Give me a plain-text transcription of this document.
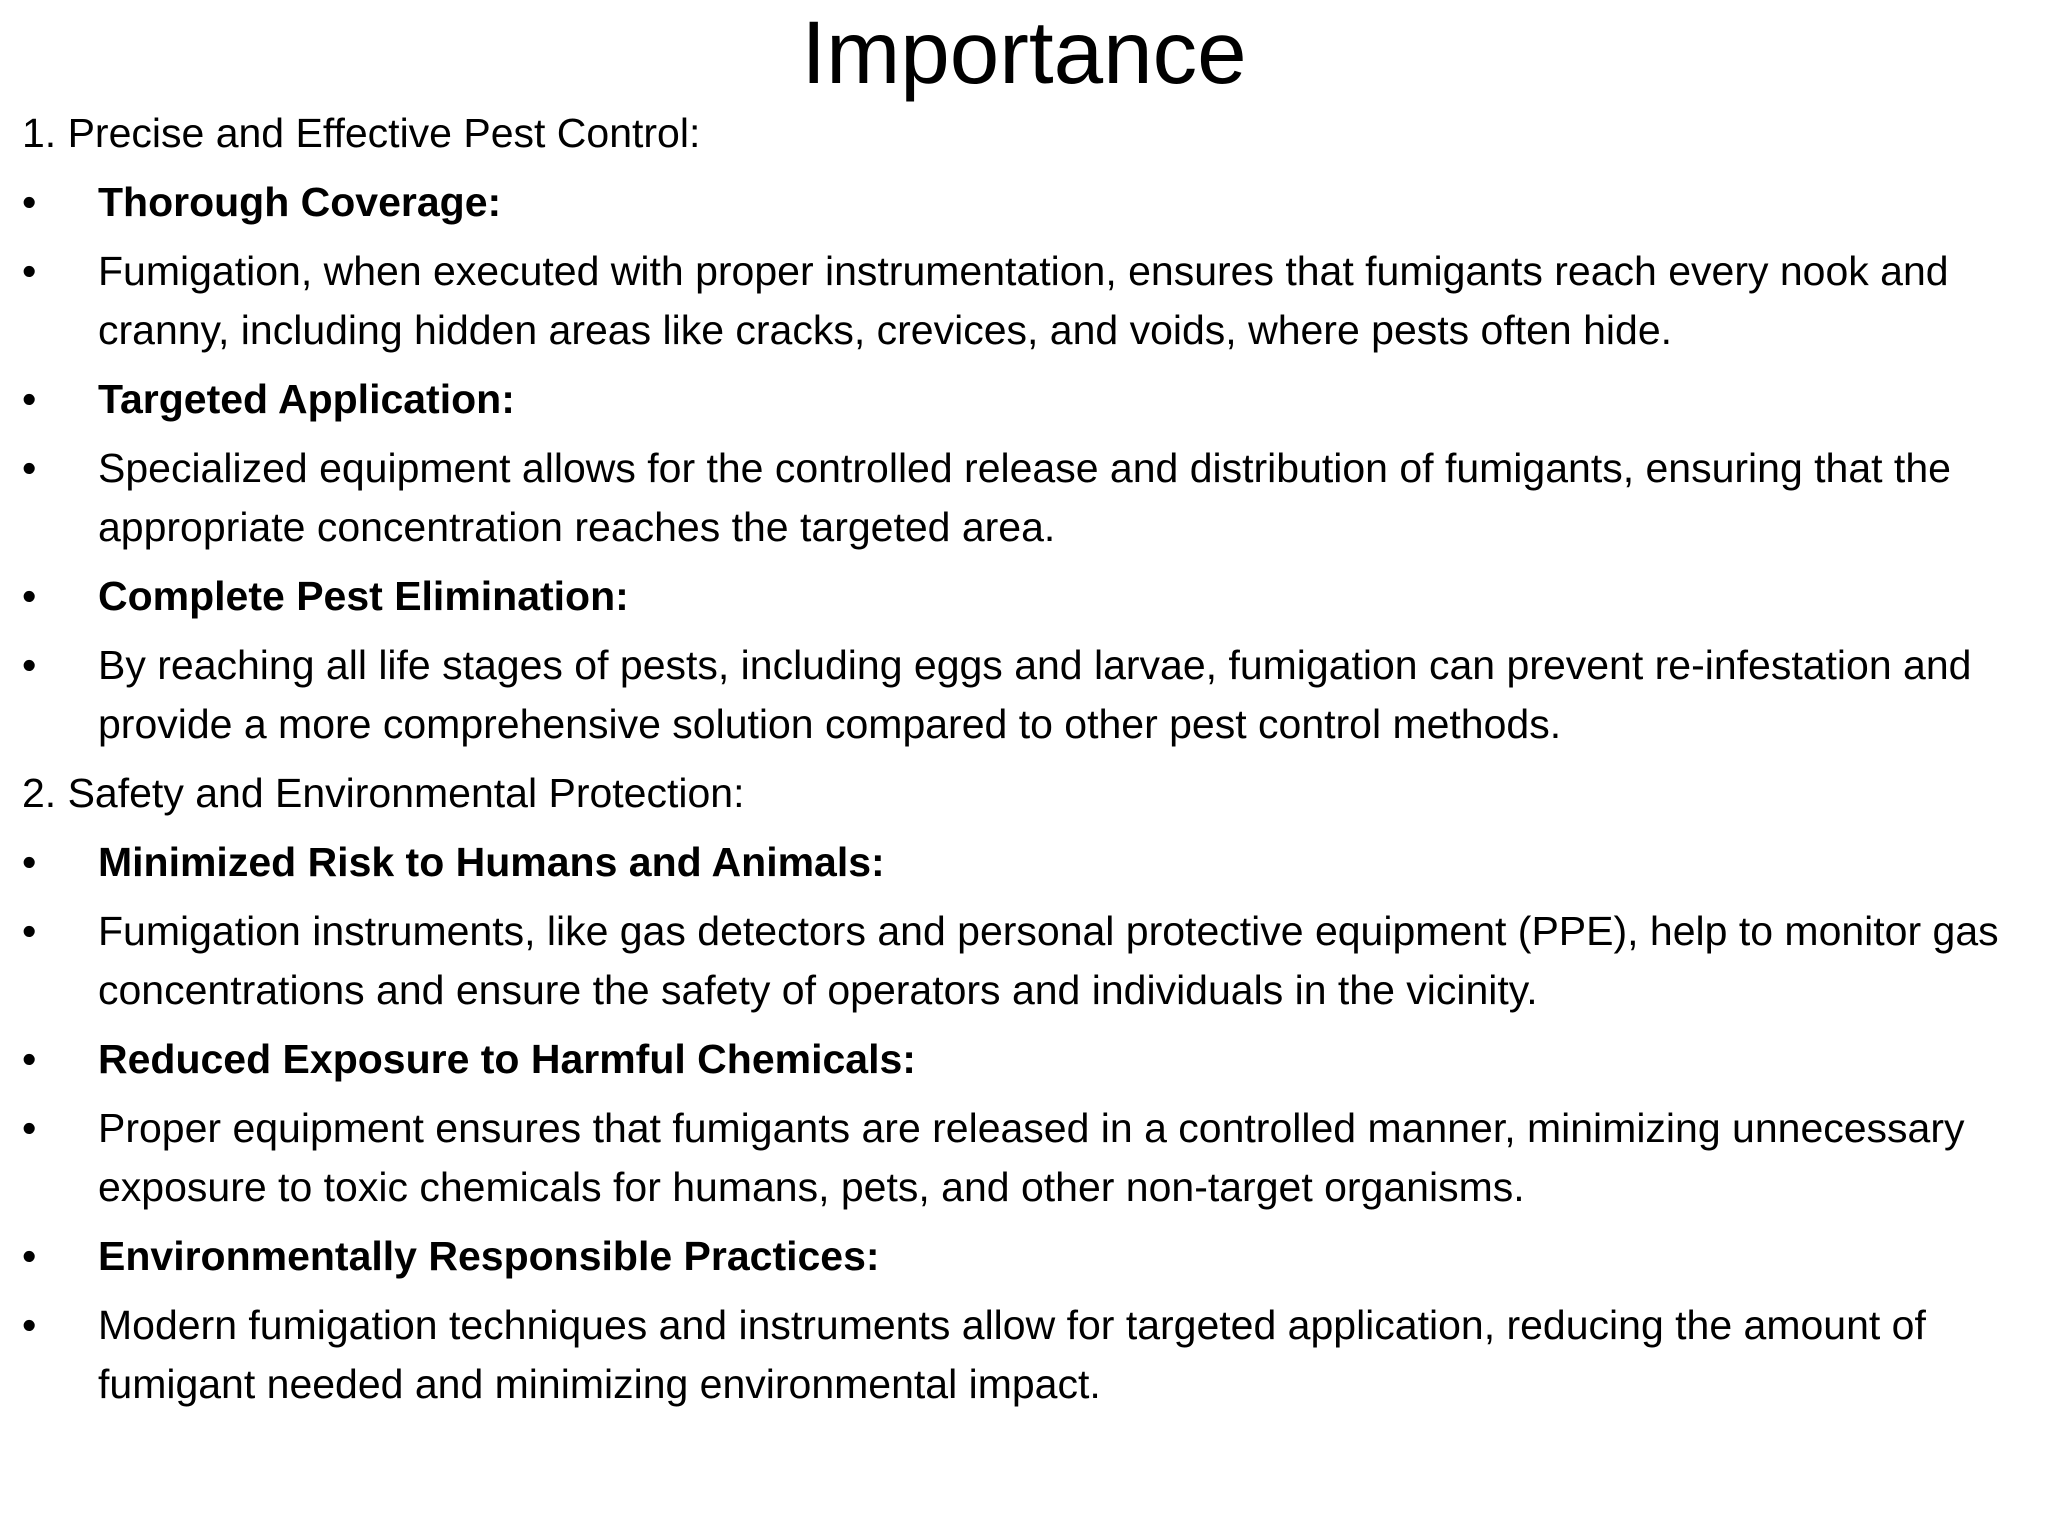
Importance
1. Precise and Effective Pest Control:
•	Thorough Coverage:
•	Fumigation, when executed with proper instrumentation, ensures that fumigants reach every nook and cranny, including hidden areas like cracks, crevices, and voids, where pests often hide.
•	Targeted Application:
•	Specialized equipment allows for the controlled release and distribution of fumigants, ensuring that the appropriate concentration reaches the targeted area.
•	Complete Pest Elimination:
•	By reaching all life stages of pests, including eggs and larvae, fumigation can prevent re-infestation and provide a more comprehensive solution compared to other pest control methods.
2. Safety and Environmental Protection:
•	Minimized Risk to Humans and Animals:
•	Fumigation instruments, like gas detectors and personal protective equipment (PPE), help to monitor gas concentrations and ensure the safety of operators and individuals in the vicinity.
•	Reduced Exposure to Harmful Chemicals:
•	Proper equipment ensures that fumigants are released in a controlled manner, minimizing unnecessary exposure to toxic chemicals for humans, pets, and other non-target organisms.
•	Environmentally Responsible Practices:
•	Modern fumigation techniques and instruments allow for targeted application, reducing the amount of fumigant needed and minimizing environmental impact.
